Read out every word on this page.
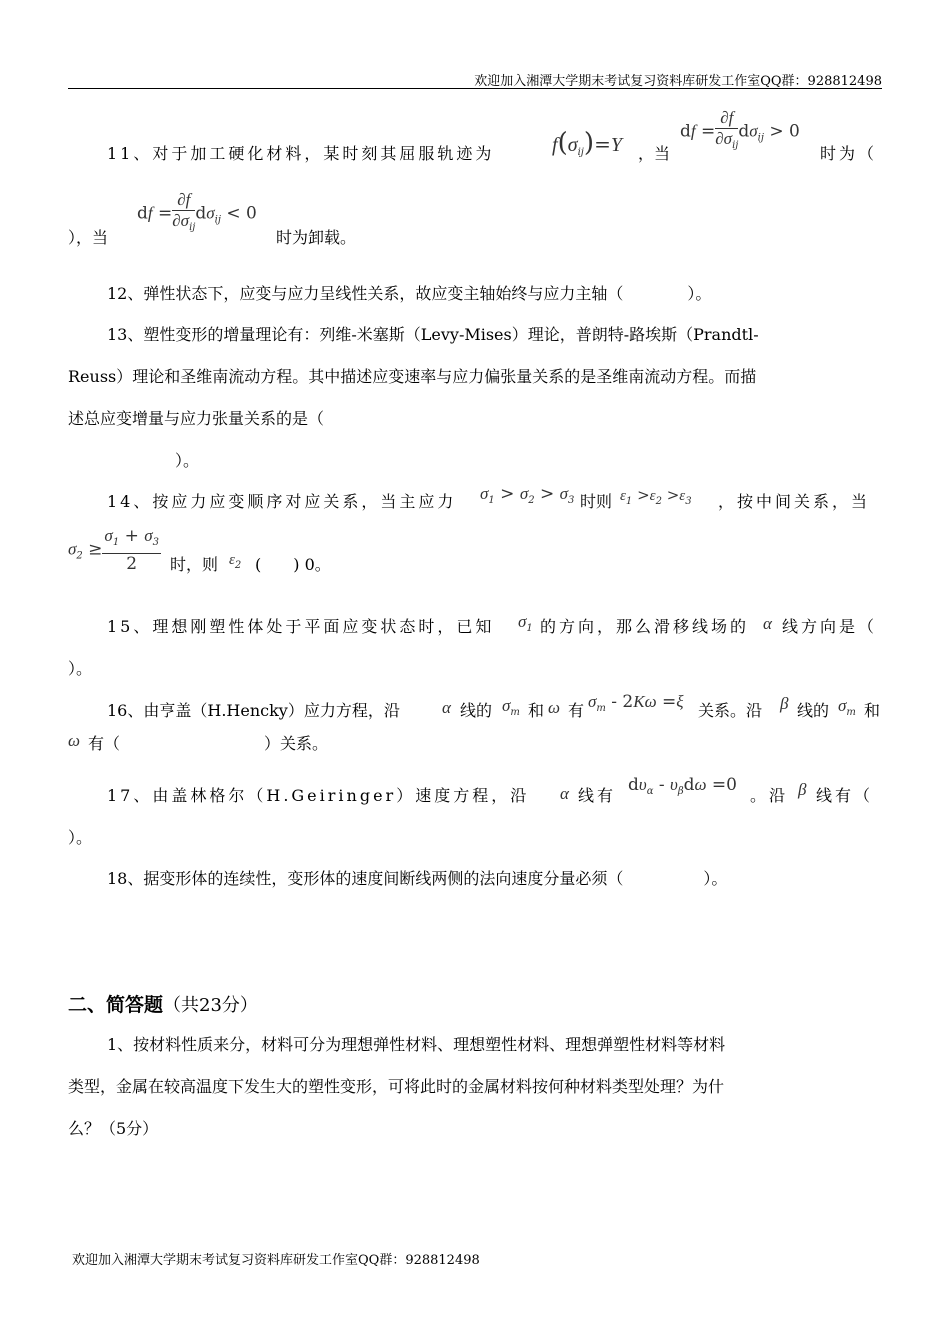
欢迎加入湘潭大学期末考试复习资料库研发工作室QQ群：928812498
11、对于加工硬化材料，某时刻其屈服轨迹为	$f(\sigma_{ij})=Y$ ，当
df = $\frac{\partial f}{\partial\sigma_{ij}} d\sigma_{ij} > 0$
时为（
），当
df = $\frac{\partial f}{\partial\sigma_{ij}} d\sigma_{ij} < 0$
时为卸载。
12、弹性状态下，应变与应力呈线性关系，故应变主轴始终与应力主轴（　　　　）。
13、塑性变形的增量理论有：列维-米塞斯（Levy-Mises）理论，普朗特-路埃斯（Prandtl-
Reuss）理论和圣维南流动方程。其中描述应变速率与应力偏张量关系的是圣维南流动方程。而描
述总应变增量与应力张量关系的是（
）。
14、按应力应变顺序对应关系，当主应力 $\sigma_1 > \sigma_2 > \sigma_3$ 时则 $\varepsilon_1 >\varepsilon_2 >\varepsilon_3$ ，按中间关系，当
$\sigma_2 \ge \frac{\sigma_1 + \sigma_3}{2}$ 时，则 $\varepsilon_2$ (　　) 0。
15、理想刚塑性体处于平面应变状态时，已知 $\sigma_1$ 的方向，那么滑移线场的 α 线方向是（
）。
16、由亨盖（H.Hencky）应力方程，沿 α 线的 $\sigma_m$ 和 ω 有 $\sigma_m - 2K\omega =\xi$ 关系。沿 β 线的 $\sigma_m$ 和
ω 有（　　　　　　　　　）关系。
17、由盖林格尔（H.Geiringer）速度方程，沿 α 线有
$d\upsilon_\alpha - \upsilon_\beta d\omega =0$
。沿 β 线有（
）。
18、据变形体的连续性，变形体的速度间断线两侧的法向速度分量必须（　　　　　）。
二、简答题（共23分）
1、按材料性质来分，材料可分为理想弹性材料、理想塑性材料、理想弹塑性材料等材料
类型，金属在较高温度下发生大的塑性变形，可将此时的金属材料按何种材料类型处理？为什
么？（5分）
欢迎加入湘潭大学期末考试复习资料库研发工作室QQ群：928812498
